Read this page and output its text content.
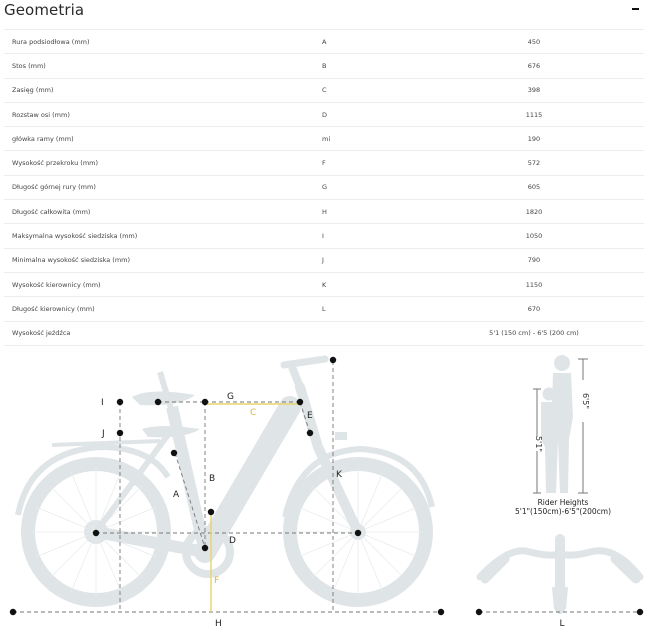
Geometria
Rura podsiodłowa (mm)	A	450
Stos (mm)	B	676
Zasięg (mm)	C	398
Rozstaw osi (mm)	D	1115
główka ramy (mm)	mi	190
Wysokość przekroku (mm)	F	572
Długość górnej rury (mm)	G	605
Długość całkowita (mm)	H	1820
Maksymalna wysokość siedziska (mm)	I	1050
Minimalna wysokość siedziska (mm)	J	790
Wysokość kierownicy (mm)	K	1150
Długość kierownicy (mm)	L	670
Wysokość jeźdźca	5'1 (150 cm) - 6'5 (200 cm)
I
J
G
C	E
K
B
A
D
F
H
5'1"
6'5"
Rider Heights
5'1"(150cm)-6'5"(200cm)
L
